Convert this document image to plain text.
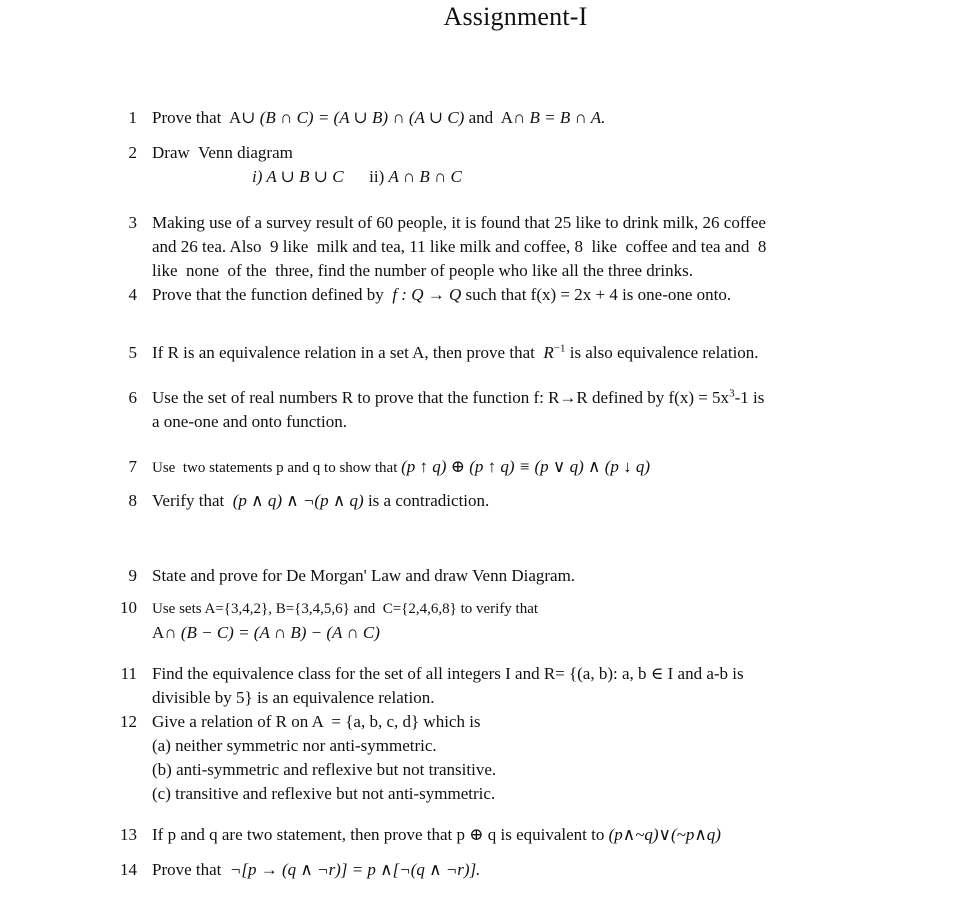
Assignment-I
1 Prove that  A∪ (B ∩ C) = (A ∪ B) ∩ (A ∪ C) and  A∩ B = B ∩ A.
2 Draw  Venn diagram
i) A ∪ B ∪ C      ii) A ∩ B ∩ C
3 Making use of a survey result of 60 people, it is found that 25 like to drink milk, 26 coffee
and 26 tea. Also  9 like  milk and tea, 11 like milk and coffee, 8  like  coffee and tea and  8
like  none  of the  three, find the number of people who like all the three drinks.
4 Prove that the function defined by  f : Q → Q such that f(x) = 2x + 4 is one-one onto.
5 If R is an equivalence relation in a set A, then prove that  $R^{-1}$ is also equivalence relation.
6 Use the set of real numbers R to prove that the function f: R→R defined by $f(x) = 5x^3-1$ is
a one-one and onto function.
7 Use  two statements p and q to show that (p ↑ q) ⊕ (p ↑ q) ≡ (p ∨ q) ∧ (p ↓ q)
8 Verify that  (p ∧ q) ∧ ¬(p ∧ q) is a contradiction.
9 State and prove for De Morgan' Law and draw Venn Diagram.
10 Use sets A={3,4,2}, B={3,4,5,6} and  C={2,4,6,8} to verify that
A∩ (B − C) = (A ∩ B) − (A ∩ C)
11 Find the equivalence class for the set of all integers I and R= {(a, b): a, b ∈ I and a-b is
divisible by 5} is an equivalence relation.
12 Give a relation of R on A  = {a, b, c, d} which is
(a) neither symmetric nor anti-symmetric.
(b) anti-symmetric and reflexive but not transitive.
(c) transitive and reflexive but not anti-symmetric.
13 If p and q are two statement, then prove that p ⊕ q is equivalent to (p∧~q)∨(~p∧q)
14 Prove that  ¬[p → (q ∧ ¬r)] = p ∧[¬(q ∧ ¬r)].
